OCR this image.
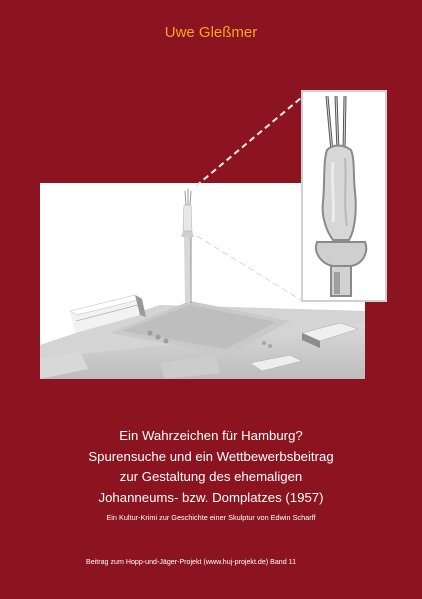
Uwe Gleßmer
Ein Wahrzeichen für Hamburg?
Spurensuche und ein Wettbewerbsbeitrag
zur Gestaltung des ehemaligen
Johanneums- bzw. Domplatzes (1957)
Ein Kultur-Krimi zur Geschichte einer Skulptur von Edwin Scharff
Beitrag zum Hopp-und-Jäger-Projekt (www.huj-projekt.de) Band 11
